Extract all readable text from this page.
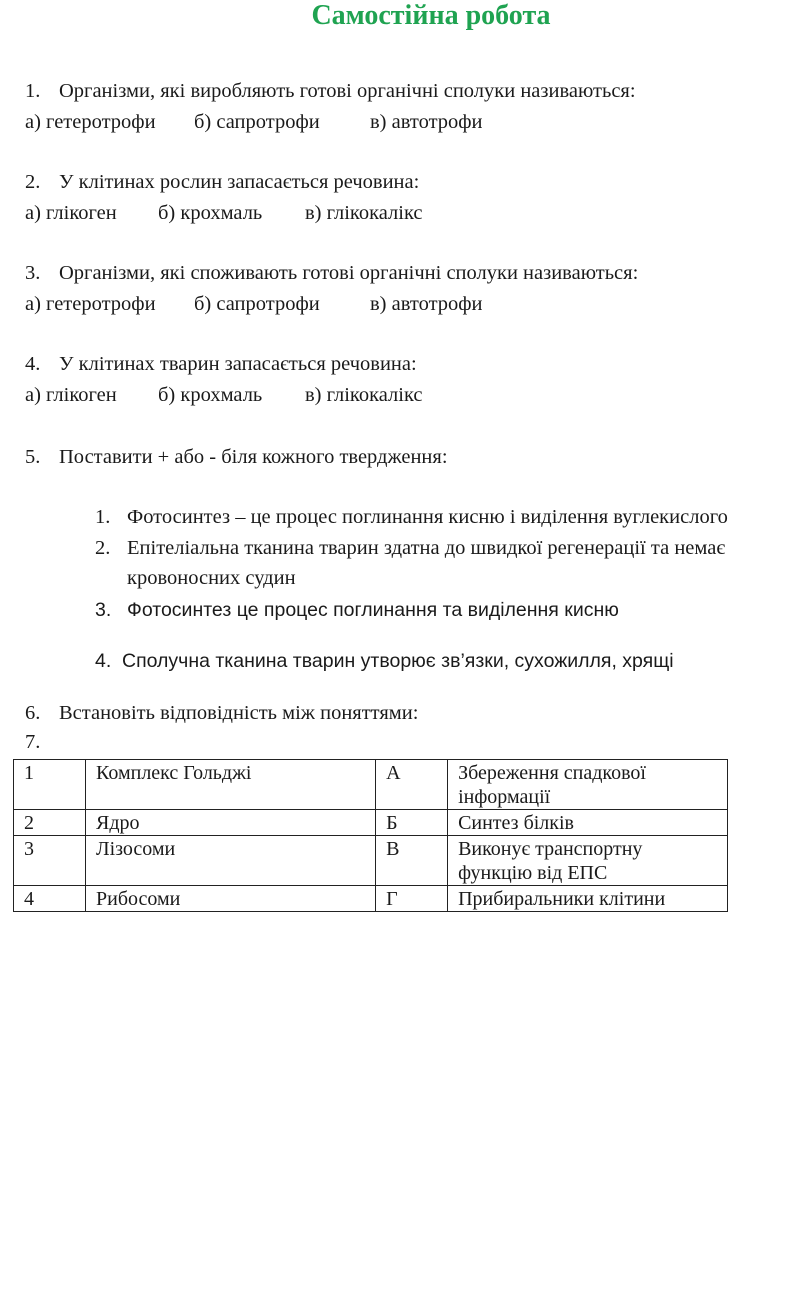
Самостійна робота
1. Організми, які виробляють готові органічні сполуки називаються:
а) гетеротрофи б) сапротрофи в) автотрофи
2. У клітинах рослин запасається речовина:
а) глікоген б) крохмаль в) глікокалікс
3. Організми, які споживають готові органічні сполуки називаються:
а) гетеротрофи б) сапротрофи в) автотрофи
4. У клітинах тварин запасається речовина:
а) глікоген б) крохмаль в) глікокалікс
5. Поставити + або - біля кожного твердження:
1. Фотосинтез – це процес поглинання кисню і виділення вуглекислого
2. Епітеліальна тканина тварин здатна до швидкої регенерації та немає
кровоносних судин
3. Фотосинтез це процес поглинання та виділення кисню
4. Сполучна тканина тварин утворює зв’язки, сухожилля, хрящі
6. Встановіть відповідність між поняттями:
7.
1	Комплекс Гольджі	А	Збереження спадкової
інформації
2	Ядро	Б	Синтез білків
3	Лізосоми	В	Виконує транспортну
функцію від ЕПС
4	Рибосоми	Г	Прибиральники клітини
